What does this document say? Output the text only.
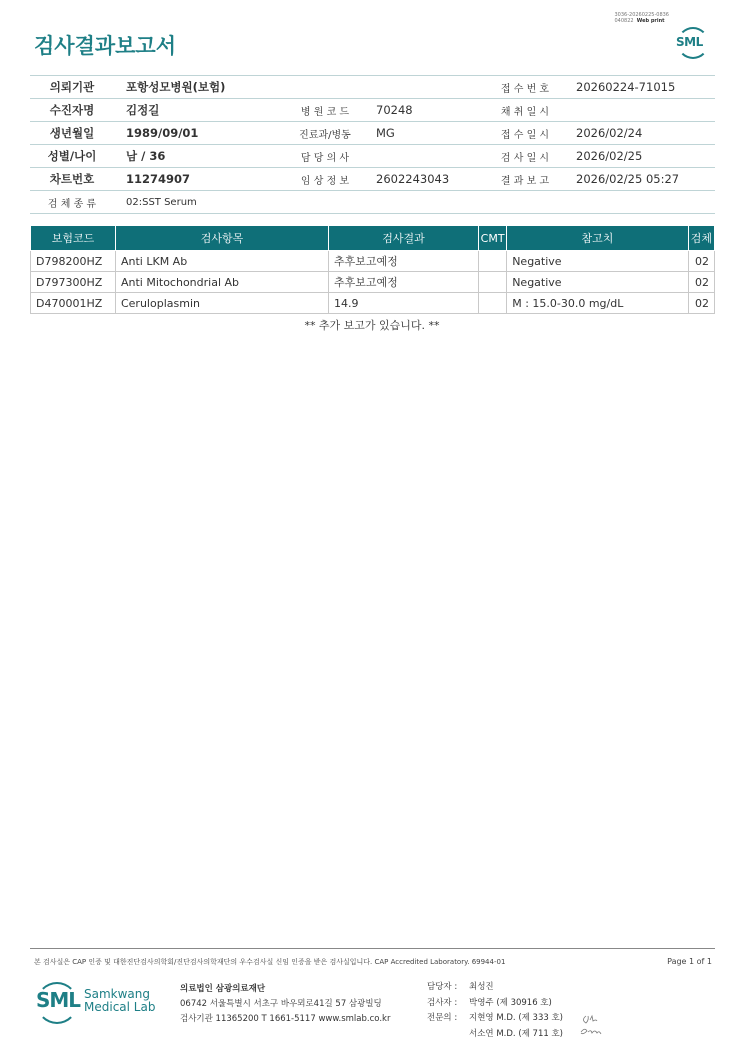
검사결과보고서
3036-20260225-0836
040822 Web print
SML
의뢰기관	포항성모병원(보험)			접 수 번 호	20260224-71015
수진자명	김정길	병 원 코 드	70248	채 취 일 시	
생년월일	1989/09/01	진료과/병동	MG	접 수 일 시	2026/02/24
성별/나이	남 / 36	담 당 의 사		검 사 일 시	2026/02/25
차트번호	11274907	임 상 정 보	2602243043	결 과 보 고	2026/02/25 05:27
검 체 종 류	02:SST Serum				
보험코드	검사항목	검사결과	CMT	참고치	검체
D798200HZ	Anti LKM Ab	추후보고예정		Negative	02
D797300HZ	Anti Mitochondrial Ab	추후보고예정		Negative	02
D470001HZ	Ceruloplasmin	14.9		M : 15.0-30.0 mg/dL	02
** 추가 보고가 있습니다. **
본 검사실은 CAP 인증 및 대한진단검사의학회/진단검사의학재단의 우수검사실 신임 인증을 받은 검사실입니다. CAP Accredited Laboratory. 69944-01	Page 1 of 1
SML Samkwang
Medical Lab
의료법인 삼광의료재단
06742 서울특별시 서초구 바우뫼로41길 57 삼광빌딩
검사기관 11365200 T 1661-5117 www.smlab.co.kr
담당자 : 최성진
검사자 : 박영주 (제 30916 호)
전문의 : 지현영 M.D. (제 333 호)
서소연 M.D. (제 711 호)
